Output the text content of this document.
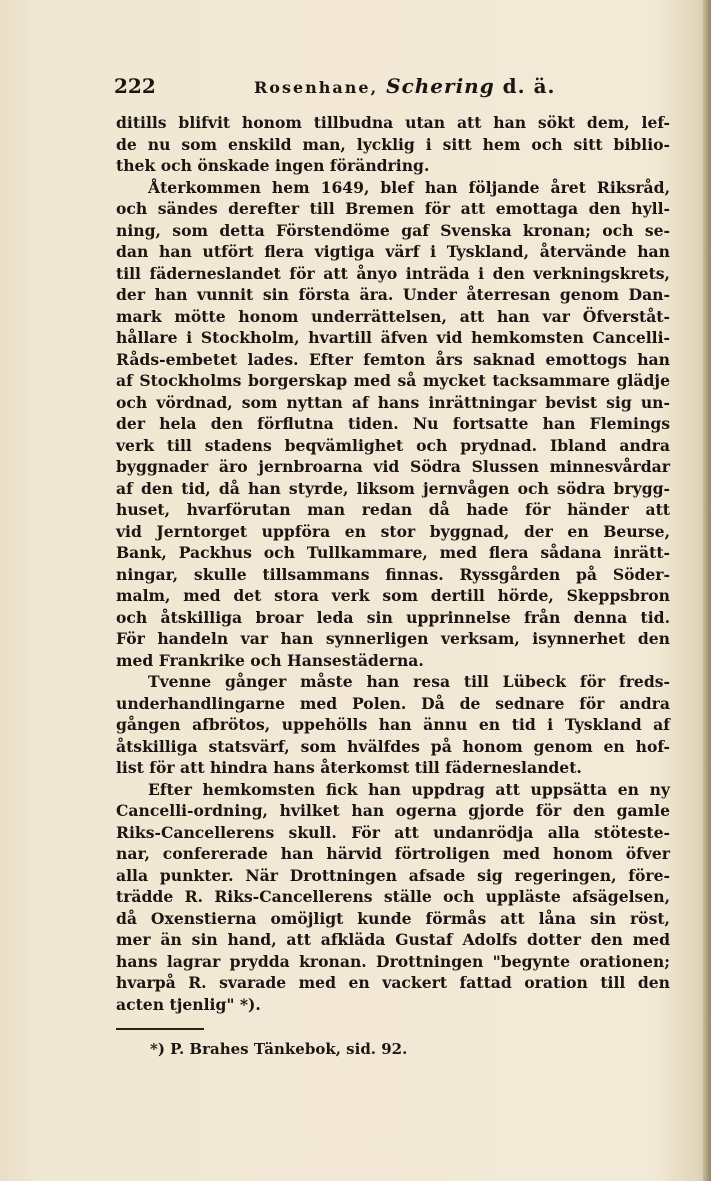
222	Rosenhane, Schering d. ä.
ditills blifvit honom tillbudna utan att han sökt dem, lef-
de nu som enskild man, lycklig i sitt hem och sitt biblio-
thek och önskade ingen förändring.
Återkommen hem 1649, blef han följande året Riksråd,
och sändes derefter till Bremen för att emottaga den hyll-
ning, som detta Förstendöme gaf Svenska kronan; och se-
dan han utfört flera vigtiga värf i Tyskland, återvände han
till fäderneslandet för att ånyo inträda i den verkningskrets,
der han vunnit sin första ära. Under återresan genom Dan-
mark mötte honom underrättelsen, att han var Öfverståt-
hållare i Stockholm, hvartill äfven vid hemkomsten Cancelli-
Råds-embetet lades. Efter femton års saknad emottogs han
af Stockholms borgerskap med så mycket tacksammare glädje
och vördnad, som nyttan af hans inrättningar bevist sig un-
der hela den förflutna tiden. Nu fortsatte han Flemings
verk till stadens beqvämlighet och prydnad. Ibland andra
byggnader äro jernbroarna vid Södra Slussen minnesvårdar
af den tid, då han styrde, liksom jernvågen och södra brygg-
huset, hvarförutan man redan då hade för händer att
vid Jerntorget uppföra en stor byggnad, der en Beurse,
Bank, Packhus och Tullkammare, med flera sådana inrätt-
ningar, skulle tillsammans finnas. Ryssgården på Söder-
malm, med det stora verk som dertill hörde, Skeppsbron
och åtskilliga broar leda sin upprinnelse från denna tid.
För handeln var han synnerligen verksam, isynnerhet den
med Frankrike och Hansestäderna.
Tvenne gånger måste han resa till Lübeck för freds-
underhandlingarne med Polen. Då de sednare för andra
gången afbrötos, uppehölls han ännu en tid i Tyskland af
åtskilliga statsvärf, som hvälfdes på honom genom en hof-
list för att hindra hans återkomst till fäderneslandet.
Efter hemkomsten fick han uppdrag att uppsätta en ny
Cancelli-ordning, hvilket han ogerna gjorde för den gamle
Riks-Cancellerens skull. För att undanrödja alla stöteste-
nar, confererade han härvid förtroligen med honom öfver
alla punkter. När Drottningen afsade sig regeringen, före-
trädde R. Riks-Cancellerens ställe och uppläste afsägelsen,
då Oxenstierna omöjligt kunde förmås att låna sin röst,
mer än sin hand, att afkläda Gustaf Adolfs dotter den med
hans lagrar prydda kronan. Drottningen "begynte orationen;
hvarpå R. svarade med en vackert fattad oration till den
acten tjenlig" *).
*) P. Brahes Tänkebok, sid. 92.
